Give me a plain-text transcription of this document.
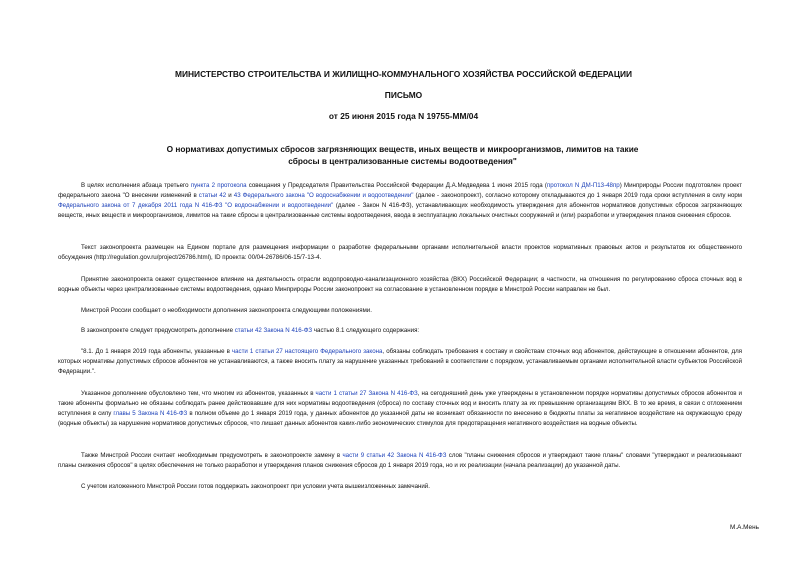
МИНИСТЕРСТВО СТРОИТЕЛЬСТВА И ЖИЛИЩНО-КОММУНАЛЬНОГО ХОЗЯЙСТВА РОССИЙСКОЙ ФЕДЕРАЦИИ
ПИСЬМО
от 25 июня 2015 года N 19755-ММ/04
О нормативах допустимых сбросов загрязняющих веществ, иных веществ и микроорганизмов, лимитов на такие сбросы в централизованные системы водоотведения"

В целях исполнения абзаца третьего пункта 2 протокола совещания у Председателя Правительства Российской Федерации Д.А.Медведева 1 июня 2015 года (протокол N ДМ-П13-48пр) Минприроды России подготовлен проект федерального закона "О внесении изменений в статьи 42 и 43 Федерального закона "О водоснабжении и водоотведении" (далее - законопроект), согласно которому откладываются до 1 января 2019 года сроки вступления в силу норм Федерального закона от 7 декабря 2011 года N 416-ФЗ "О водоснабжении и водоотведении" (далее - Закон N 416-ФЗ), устанавливающих необходимость утверждения для абонентов нормативов допустимых сбросов загрязняющих веществ, иных веществ и микроорганизмов, лимитов на такие сбросы в централизованные системы водоотведения, ввода в эксплуатацию локальных очистных сооружений и (или) разработки и утверждения планов снижения сбросов.

Текст законопроекта размещен на Едином портале для размещения информации о разработке федеральными органами исполнительной власти проектов нормативных правовых актов и результатов их общественного обсуждения (http://regulation.gov.ru/project/26786.html), ID проекта: 00/04-26786/06-15/7-13-4.

Принятие законопроекта окажет существенное влияние на деятельность отрасли водопроводно-канализационного хозяйства (ВКХ) Российской Федерации; в частности, на отношения по регулированию сброса сточных вод в водные объекты через централизованные системы водоотведения, однако Минприроды России законопроект на согласование в установленном порядке в Минстрой России направлен не был.

Минстрой России сообщает о необходимости дополнения законопроекта следующими положениями.

В законопроекте следует предусмотреть дополнение статьи 42 Закона N 416-ФЗ частью 8.1 следующего содержания:

"8.1. До 1 января 2019 года абоненты, указанные в части 1 статьи 27 настоящего Федерального закона, обязаны соблюдать требования к составу и свойствам сточных вод абонентов, действующие в отношении абонентов, для которых нормативы допустимых сбросов абонентов не устанавливаются, а также вносить плату за нарушение указанных требований в соответствии с порядком, устанавливаемым органами исполнительной власти субъектов Российской Федерации.".

Указанное дополнение обусловлено тем, что многим из абонентов, указанных в части 1 статьи 27 Закона N 416-ФЗ, на сегодняшний день уже утверждены в установленном порядке нормативы допустимых сбросов абонентов и такие абоненты формально не обязаны соблюдать ранее действовавшие для них нормативы водоотведения (сброса) по составу сточных вод и вносить плату за их превышение организациям ВКХ. В то же время, в связи с отложением вступления в силу главы 5 Закона N 416-ФЗ в полном объеме до 1 января 2019 года, у данных абонентов до указанной даты не возникает обязанности по внесению в бюджеты платы за негативное воздействие на окружающую среду (водные объекты) за нарушение нормативов допустимых сбросов, что лишает данных абонентов каких-либо экономических стимулов для предотвращения негативного воздействия на водные объекты.

Также Минстрой России считает необходимым предусмотреть в законопроекте замену в части 9 статьи 42 Закона N 416-ФЗ слов "планы снижения сбросов и утверждают такие планы" словами "утверждают и реализовывают планы снижения сбросов" в целях обеспечения не только разработки и утверждения планов снижения сбросов до 1 января 2019 года, но и их реализации (начала реализации) до указанной даты.

С учетом изложенного Минстрой России готов поддержать законопроект при условии учета вышеизложенных замечаний.

М.А.Мень
